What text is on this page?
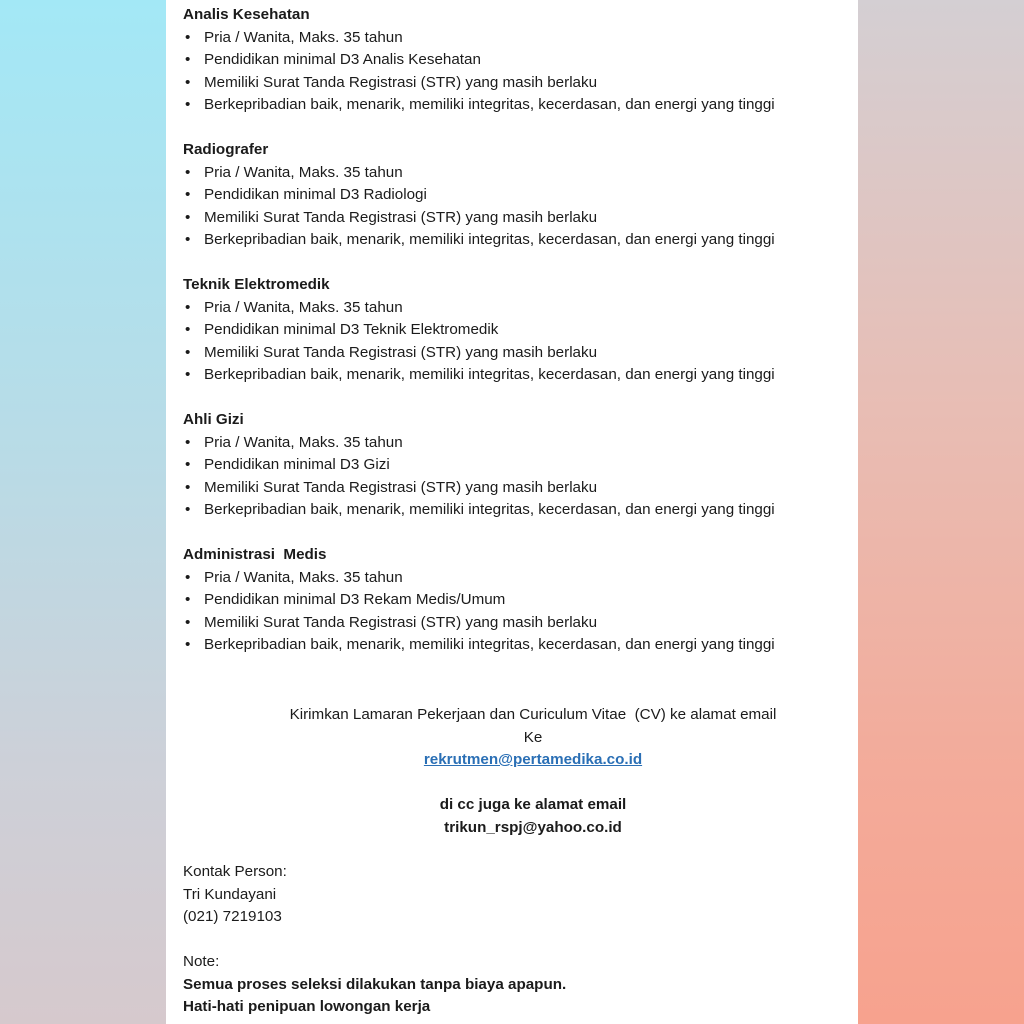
Analis Kesehatan
• Pria / Wanita, Maks. 35 tahun
• Pendidikan minimal D3 Analis Kesehatan
• Memiliki Surat Tanda Registrasi (STR) yang masih berlaku
• Berkepribadian baik, menarik, memiliki integritas, kecerdasan, dan energi yang tinggi
Radiografer
• Pria / Wanita, Maks. 35 tahun
• Pendidikan minimal D3 Radiologi
• Memiliki Surat Tanda Registrasi (STR) yang masih berlaku
• Berkepribadian baik, menarik, memiliki integritas, kecerdasan, dan energi yang tinggi
Teknik Elektromedik
• Pria / Wanita, Maks. 35 tahun
• Pendidikan minimal D3 Teknik Elektromedik
• Memiliki Surat Tanda Registrasi (STR) yang masih berlaku
• Berkepribadian baik, menarik, memiliki integritas, kecerdasan, dan energi yang tinggi
Ahli Gizi
• Pria / Wanita, Maks. 35 tahun
• Pendidikan minimal D3 Gizi
• Memiliki Surat Tanda Registrasi (STR) yang masih berlaku
• Berkepribadian baik, menarik, memiliki integritas, kecerdasan, dan energi yang tinggi
Administrasi  Medis
• Pria / Wanita, Maks. 35 tahun
• Pendidikan minimal D3 Rekam Medis/Umum
• Memiliki Surat Tanda Registrasi (STR) yang masih berlaku
• Berkepribadian baik, menarik, memiliki integritas, kecerdasan, dan energi yang tinggi
Kirimkan Lamaran Pekerjaan dan Curiculum Vitae  (CV) ke alamat email
Ke
rekrutmen@pertamedika.co.id
di cc juga ke alamat email
trikun_rspj@yahoo.co.id
Kontak Person:
Tri Kundayani
(021) 7219103
Note:
Semua proses seleksi dilakukan tanpa biaya apapun.
Hati-hati penipuan lowongan kerja
